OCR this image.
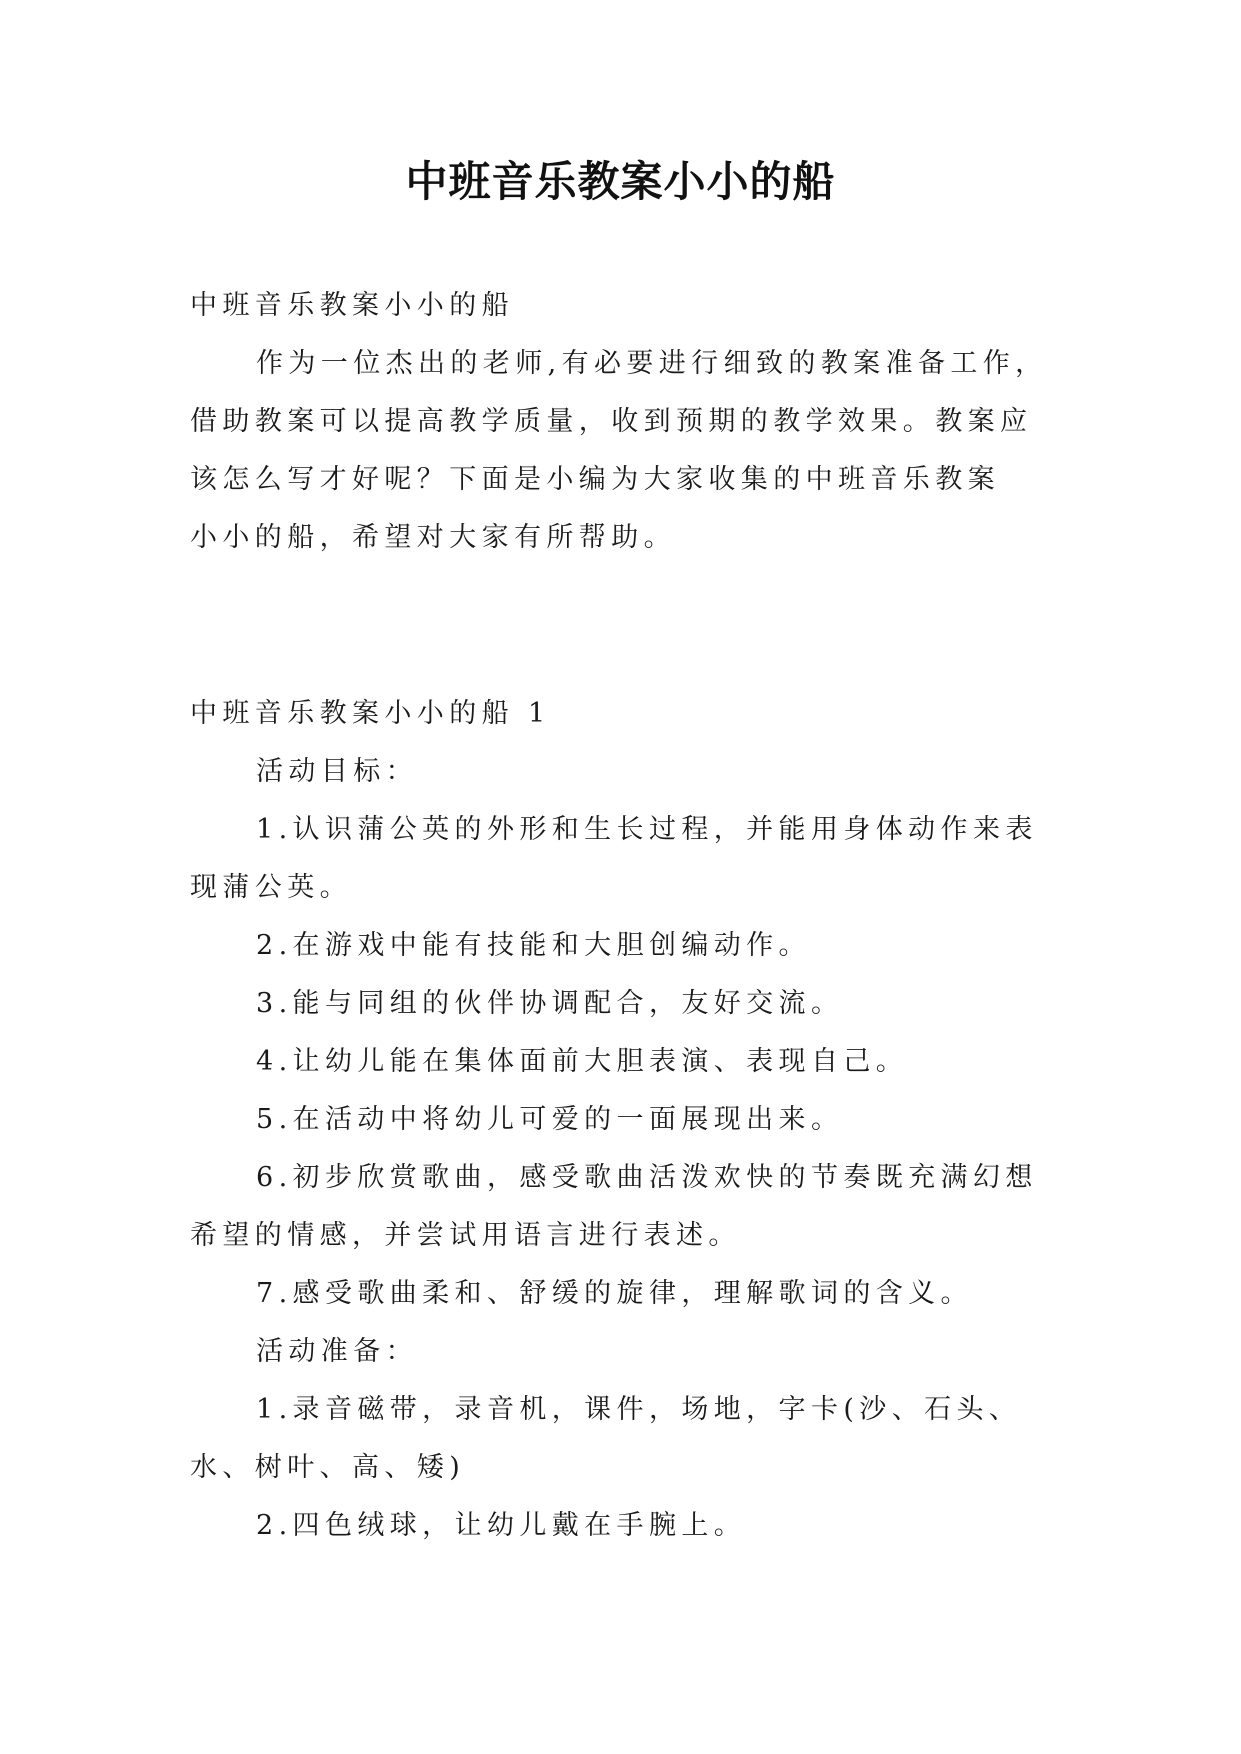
中班音乐教案小小的船
中班音乐教案小小的船
作为一位杰出的老师,有必要进行细致的教案准备工作，
借助教案可以提高教学质量，收到预期的教学效果。教案应
该怎么写才好呢？下面是小编为大家收集的中班音乐教案
小小的船，希望对大家有所帮助。
中班音乐教案小小的船 1
活动目标：
1.认识蒲公英的外形和生长过程，并能用身体动作来表
现蒲公英。
2.在游戏中能有技能和大胆创编动作。
3.能与同组的伙伴协调配合，友好交流。
4.让幼儿能在集体面前大胆表演、表现自己。
5.在活动中将幼儿可爱的一面展现出来。
6.初步欣赏歌曲，感受歌曲活泼欢快的节奏既充满幻想
希望的情感，并尝试用语言进行表述。
7.感受歌曲柔和、舒缓的旋律，理解歌词的含义。
活动准备：
1.录音磁带，录音机，课件，场地，字卡(沙、石头、
水、树叶、高、矮)
2.四色绒球，让幼儿戴在手腕上。
